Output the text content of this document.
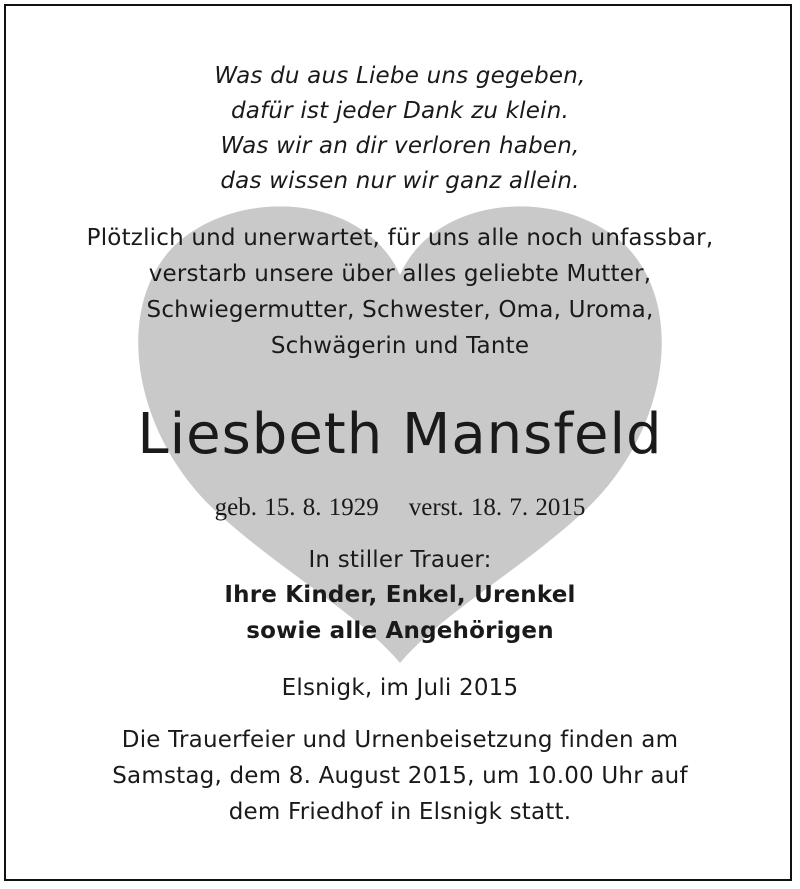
Was du aus Liebe uns gegeben,
dafür ist jeder Dank zu klein.
Was wir an dir verloren haben,
das wissen nur wir ganz allein.
Plötzlich und unerwartet, für uns alle noch unfassbar,
verstarb unsere über alles geliebte Mutter,
Schwiegermutter, Schwester, Oma, Uroma,
Schwägerin und Tante
Liesbeth Mansfeld
geb. 15. 8. 1929 verst. 18. 7. 2015
In stiller Trauer:
Ihre Kinder, Enkel, Urenkel
sowie alle Angehörigen
Elsnigk, im Juli 2015
Die Trauerfeier und Urnenbeisetzung finden am
Samstag, dem 8. August 2015, um 10.00 Uhr auf
dem Friedhof in Elsnigk statt.
